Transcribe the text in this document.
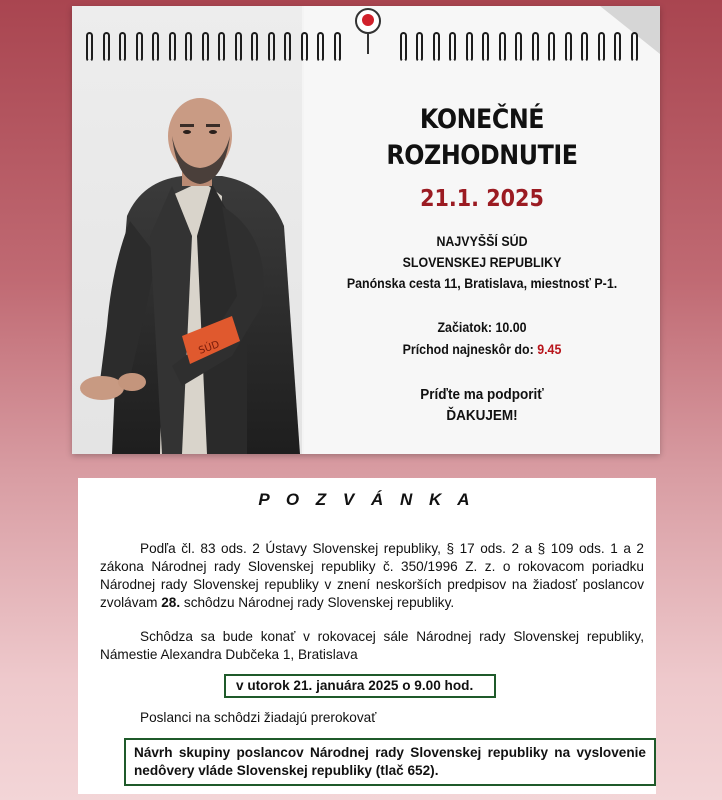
SÚD
KONEČNÉ
ROZHODNUTIE
21.1. 2025
NAJVYŠŠÍ SÚD
SLOVENSKEJ REPUBLIKY
Panónska cesta 11, Bratislava, miestnosť P-1.
Začiatok: 10.00
Príchod najneskôr do: 9.45
Príďte ma podporiť
ĎAKUJEM!
P O Z V Á N K A
Podľa čl. 83 ods. 2 Ústavy Slovenskej republiky, § 17 ods. 2 a § 109 ods. 1 a 2 zákona Národnej rady Slovenskej republiky č. 350/1996 Z. z. o rokovacom poriadku Národnej rady Slovenskej republiky v znení neskorších predpisov na žiadosť poslancov zvolávam 28. schôdzu Národnej rady Slovenskej republiky.
Schôdza sa bude konať v rokovacej sále Národnej rady Slovenskej republiky, Námestie Alexandra Dubčeka 1, Bratislava
v utorok 21. januára 2025 o 9.00 hod.
Poslanci na schôdzi žiadajú prerokovať
Návrh skupiny poslancov Národnej rady Slovenskej republiky na vyslovenie nedôvery vláde Slovenskej republiky (tlač 652).
